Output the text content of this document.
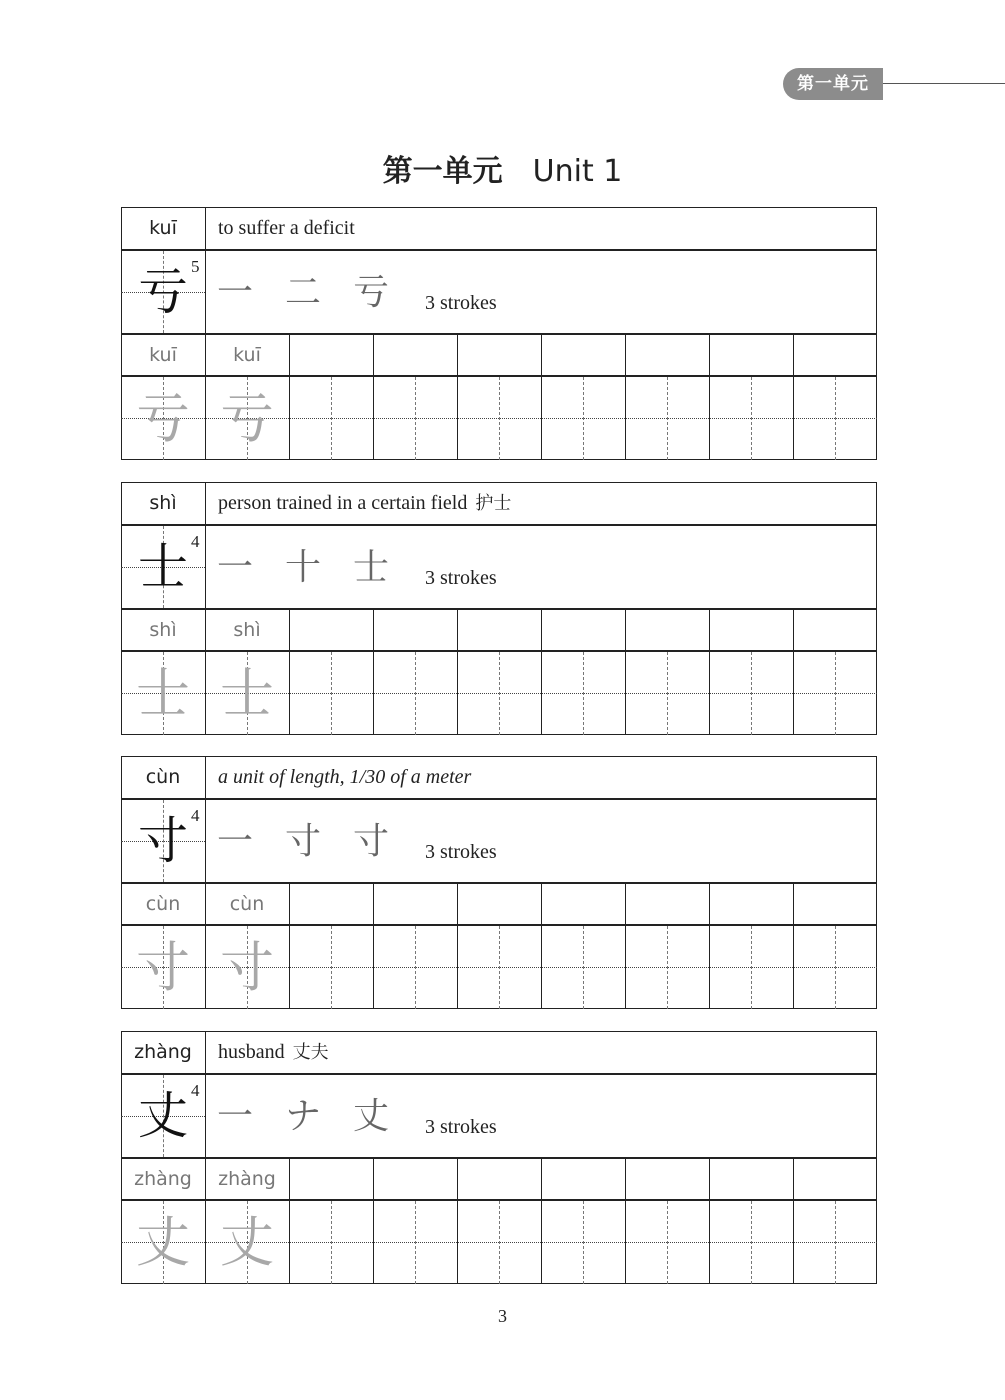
第一单元
第一单元 Unit 1
kuī	to suffer a deficit
亏 5
一 二 亏 3 strokes
kuī	kuī
亏 亏
shì	person trained in a certain field 护士
士 4
一 十 士 3 strokes
shì	shì
士 士
cùn	a unit of length, 1/30 of a meter
寸 4
一 寸 寸 3 strokes
cùn	cùn
寸 寸
zhàng	husband 丈夫
丈 4
一 ナ 丈 3 strokes
zhàng	zhàng
丈 丈
3
